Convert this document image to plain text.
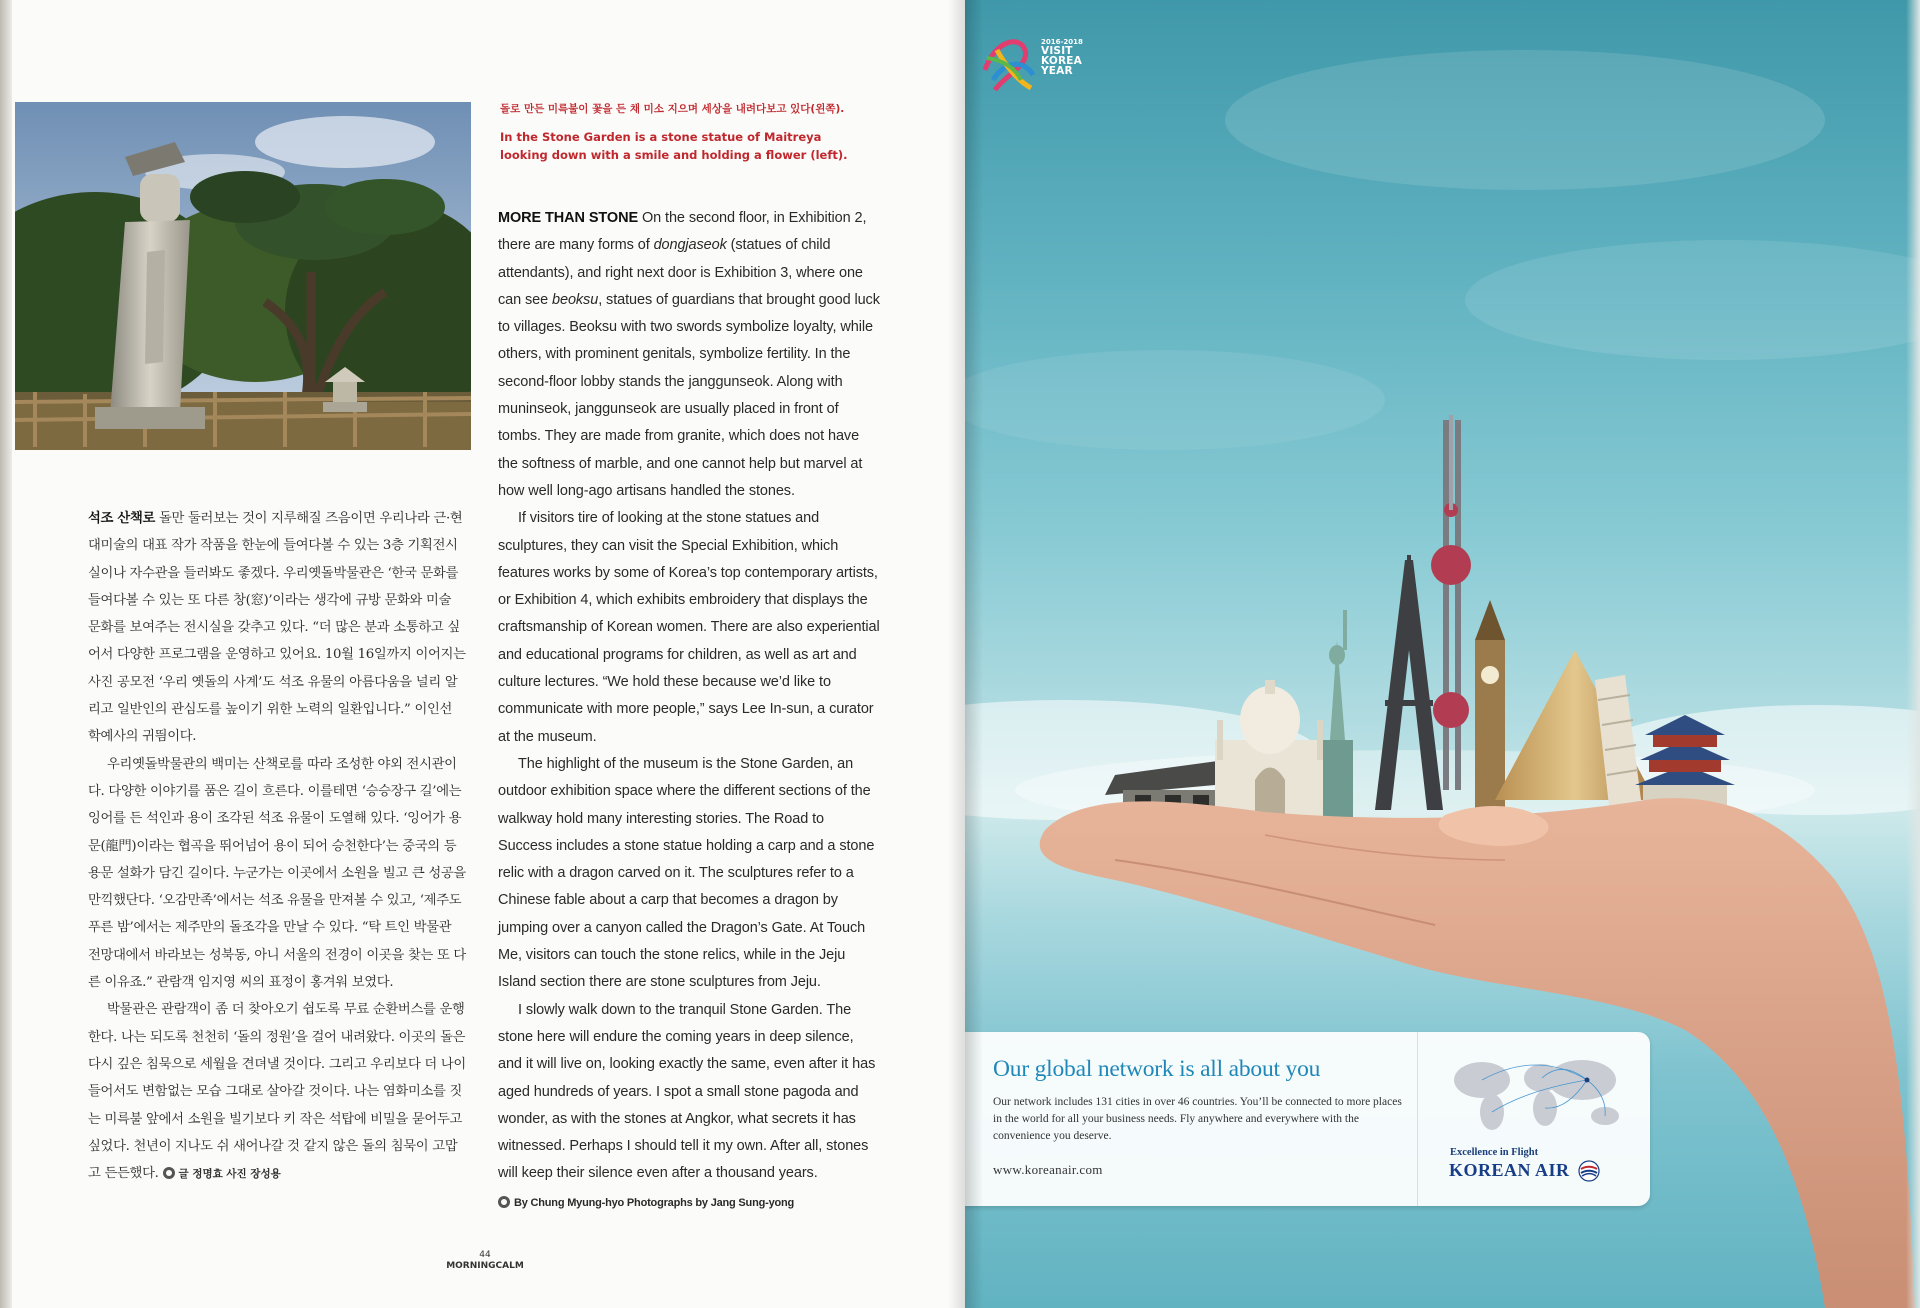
돌로 만든 미륵불이 꽃을 든 채 미소 지으며 세상을 내려다보고 있다(왼쪽).
In the Stone Garden is a stone statue of Maitreya looking down with a smile and holding a flower (left).

석조 산책로 돌만 둘러보는 것이 지루해질 즈음이면 우리나라 근·현대미술의 대표 작가 작품을 한눈에 들여다볼 수 있는 3층 기획전시실이나 자수관을 들러봐도 좋겠다. 우리옛돌박물관은 ‘한국 문화를 들여다볼 수 있는 또 다른 창(窓)’이라는 생각에 규방 문화와 미술 문화를 보여주는 전시실을 갖추고 있다. “더 많은 분과 소통하고 싶어서 다양한 프로그램을 운영하고 있어요. 10월 16일까지 이어지는 사진 공모전 ‘우리 옛돌의 사계’도 석조 유물의 아름다움을 널리 알리고 일반인의 관심도를 높이기 위한 노력의 일환입니다.” 이인선 학예사의 귀띔이다.

우리옛돌박물관의 백미는 산책로를 따라 조성한 야외 전시관이다. 다양한 이야기를 품은 길이 흐른다. 이를테면 ‘승승장구 길’에는 잉어를 든 석인과 용이 조각된 석조 유물이 도열해 있다. ‘잉어가 용문(龍門)이라는 협곡을 뛰어넘어 용이 되어 승천한다’는 중국의 등용문 설화가 담긴 길이다. 누군가는 이곳에서 소원을 빌고 큰 성공을 만끽했단다. ‘오감만족’에서는 석조 유물을 만져볼 수 있고, ‘제주도 푸른 밤’에서는 제주만의 돌조각을 만날 수 있다. “탁 트인 박물관 전망대에서 바라보는 성북동, 아니 서울의 전경이 이곳을 찾는 또 다른 이유죠.” 관람객 임지영 씨의 표정이 홍겨워 보였다.

박물관은 관람객이 좀 더 찾아오기 쉽도록 무료 순환버스를 운행한다. 나는 되도록 천천히 ‘돌의 정원’을 걸어 내려왔다. 이곳의 돌은 다시 깊은 침묵으로 세월을 견뎌낼 것이다. 그리고 우리보다 더 나이 들어서도 변함없는 모습 그대로 살아갈 것이다. 나는 염화미소를 짓는 미륵불 앞에서 소원을 빌기보다 키 작은 석탑에 비밀을 묻어두고 싶었다. 천년이 지나도 쉬 새어나갈 것 같지 않은 돌의 침묵이 고맙고 든든했다. 글 정명효 사진 장성용

MORE THAN STONE On the second floor, in Exhibition 2, there are many forms of dongjaseok (statues of child attendants), and right next door is Exhibition 3, where one can see beoksu, statues of guardians that brought good luck to villages. Beoksu with two swords symbolize loyalty, while others, with prominent genitals, symbolize fertility. In the second-floor lobby stands the janggunseok. Along with muninseok, janggunseok are usually placed in front of tombs. They are made from granite, which does not have the softness of marble, and one cannot help but marvel at how well long-ago artisans handled the stones.

If visitors tire of looking at the stone statues and sculptures, they can visit the Special Exhibition, which features works by some of Korea’s top contemporary artists, or Exhibition 4, which exhibits embroidery that displays the craftsmanship of Korean women. There are also experiential and educational programs for children, as well as art and culture lectures. “We hold these because we’d like to communicate with more people,” says Lee In-sun, a curator at the museum.

The highlight of the museum is the Stone Garden, an outdoor exhibition space where the different sections of the walkway hold many interesting stories. The Road to Success includes a stone statue holding a carp and a stone relic with a dragon carved on it. The sculptures refer to a Chinese fable about a carp that becomes a dragon by jumping over a canyon called the Dragon’s Gate. At Touch Me, visitors can touch the stone relics, while in the Jeju Island section there are stone sculptures from Jeju.

I slowly walk down to the tranquil Stone Garden. The stone here will endure the coming years in deep silence, and it will live on, looking exactly the same, even after it has aged hundreds of years. I spot a small stone pagoda and wonder, as with the stones at Angkor, what secrets it has witnessed. Perhaps I should tell it my own. After all, stones will keep their silence even after a thousand years.

By Chung Myung-hyo Photographs by Jang Sung-yong

44
MORNINGCALM
2016-2018
VISIT
KOREA
YEAR
Our global network is all about you
Our network includes 131 cities in over 46 countries. You’ll be connected to more places in the world for all your business needs. Fly anywhere and everywhere with the convenience you deserve.
www.koreanair.com
Excellence in Flight
KOREAN AIR
